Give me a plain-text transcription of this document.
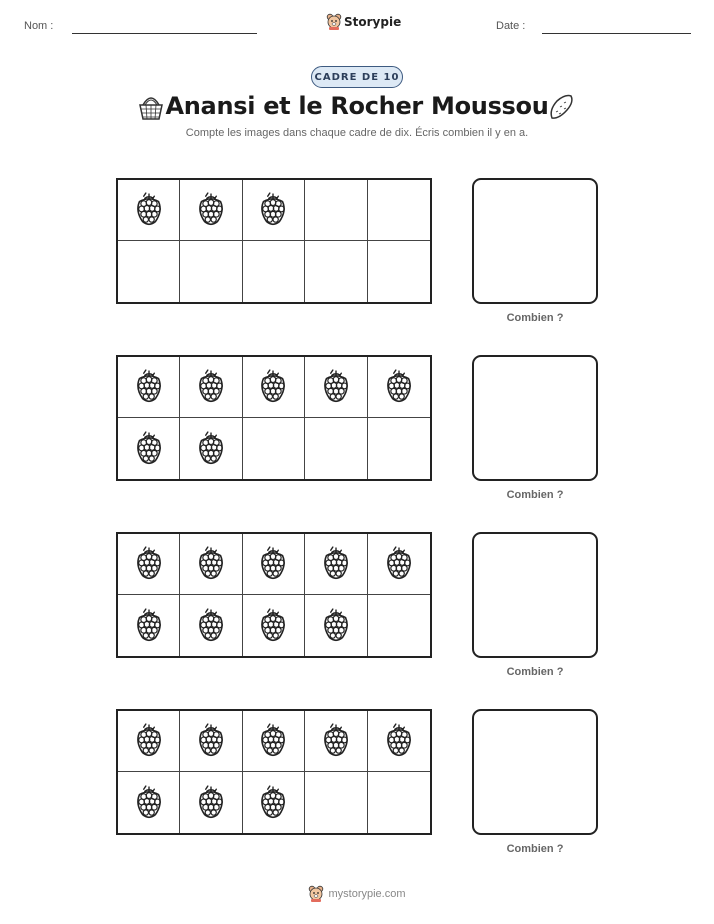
Nom :	Storypie	Date :
CADRE DE 10
Anansi et le Rocher Moussou
Compte les images dans chaque cadre de dix. Écris combien il y en a.
Combien ?
Combien ?
Combien ?
Combien ?
mystorypie.com
